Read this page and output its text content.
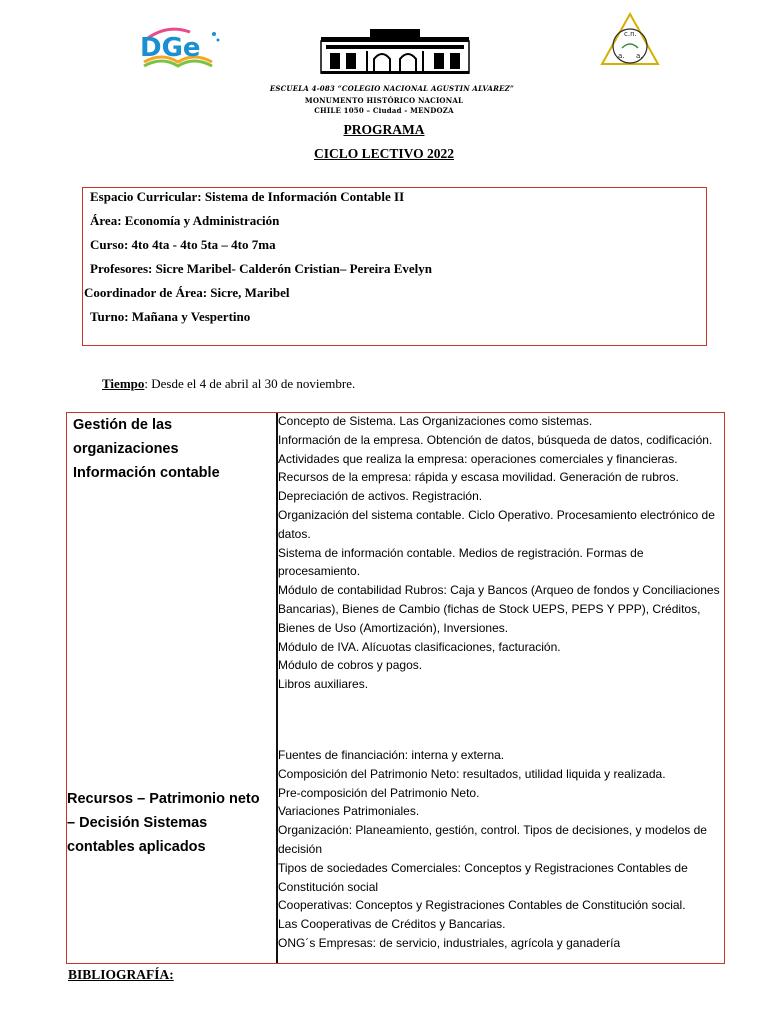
DGe	c.n.
a. a.
ESCUELA 4-083 “COLEGIO NACIONAL AGUSTIN ALVAREZ”
MONUMENTO HISTÓRICO NACIONAL
CHILE 1050 – Ciudad - MENDOZA
PROGRAMA
CICLO LECTIVO 2022
Espacio Curricular: Sistema de Información Contable II
Área: Economía y Administración
Curso: 4to 4ta - 4to 5ta – 4to 7ma
Profesores: Sicre Maribel- Calderón Cristian– Pereira Evelyn
Coordinador de Área: Sicre, Maribel
Turno: Mañana y Vespertino
Tiempo: Desde el 4 de abril al 30 de noviembre.
Gestión de las
organizaciones
Información contable
Concepto de Sistema. Las Organizaciones como sistemas.
Información de la empresa. Obtención de datos, búsqueda de datos, codificación.
Actividades que realiza la empresa: operaciones comerciales y financieras.
Recursos de la empresa: rápida y escasa movilidad. Generación de rubros.
Depreciación de activos. Registración.
Organización del sistema contable. Ciclo Operativo. Procesamiento electrónico de datos.
Sistema de información contable. Medios de registración. Formas de procesamiento.
Módulo de contabilidad Rubros: Caja y Bancos (Arqueo de fondos y Conciliaciones Bancarias), Bienes de Cambio (fichas de Stock UEPS, PEPS Y PPP), Créditos, Bienes de Uso (Amortización), Inversiones.
Módulo de IVA. Alícuotas clasificaciones, facturación.
Módulo de cobros y pagos.
Libros auxiliares.
Recursos – Patrimonio neto
– Decisión Sistemas
contables aplicados
Fuentes de financiación: interna y externa.
Composición del Patrimonio Neto: resultados, utilidad liquida y realizada.
Pre-composición del Patrimonio Neto.
Variaciones Patrimoniales.
Organización: Planeamiento, gestión, control. Tipos de decisiones, y modelos de decisión
Tipos de sociedades Comerciales: Conceptos y Registraciones Contables de Constitución social
Cooperativas: Conceptos y Registraciones Contables de Constitución social.
Las Cooperativas de Créditos y Bancarias.
ONG´s Empresas: de servicio, industriales, agrícola y ganadería
BIBLIOGRAFÍA:
